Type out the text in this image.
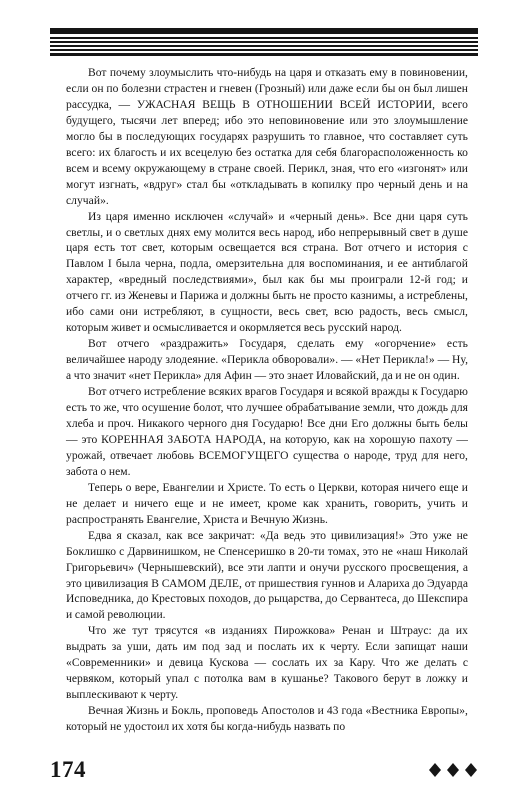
Вот почему злоумыслить что-нибудь на царя и отказать ему в повиновении, если он по болезни страстен и гневен (Грозный) или даже если бы он был лишен рассудка, — УЖАСНАЯ ВЕЩЬ В ОТНОШЕНИИ ВСЕЙ ИСТОРИИ, всего будущего, тысячи лет вперед; ибо это неповиновение или это злоумышление могло бы в последующих государях разрушить то главное, что составляет суть всего: их благость и их всецелую без остатка для себя благорасположенность ко всем и всему окружающему в стране своей. Перикл, зная, что его «изгонят» или могут изгнать, «вдруг» стал бы «откладывать в копилку про черный день и на случай».

Из царя именно исключен «случай» и «черный день». Все дни царя суть светлы, и о светлых днях ему молится весь народ, ибо непрерывный свет в душе царя есть тот свет, которым освещается вся страна. Вот отчего и история с Павлом I была черна, подла, омерзительна для воспоминания, и ее антиблагой характер, «вредный последствиями», был как бы мы проиграли 12-й год; и отчего гг. из Женевы и Парижа и должны быть не просто казнимы, а истреблены, ибо сами они истребляют, в сущности, весь свет, всю радость, весь смысл, которым живет и осмысливается и окормляется весь русский народ.

Вот отчего «раздражить» Государя, сделать ему «огорчение» есть величайшее народу злодеяние. «Перикла обворовали». — «Нет Перикла!» — Ну, а что значит «нет Перикла» для Афин — это знает Иловайский, да и не он один.

Вот отчего истребление всяких врагов Государя и всякой вражды к Государю есть то же, что осушение болот, что лучшее обрабатывание земли, что дождь для хлеба и проч. Никакого черного дня Государю! Все дни Его должны быть белы — это КОРЕННАЯ ЗАБОТА НАРОДА, на которую, как на хорошую пахоту — урожай, отвечает любовь ВСЕМОГУЩЕГО существа о народе, труд для него, забота о нем.

Теперь о вере, Евангелии и Христе. То есть о Церкви, которая ничего еще и не делает и ничего еще и не имеет, кроме как хранить, говорить, учить и распространять Евангелие, Христа и Вечную Жизнь.

Едва я сказал, как все закричат: «Да ведь это цивилизация!» Это уже не Боклишко с Дарвинишком, не Спенсеришко в 20-ти томах, это не «наш Николай Григорьевич» (Чернышевский), все эти лапти и онучи русского просвещения, а это цивилизация В САМОМ ДЕЛЕ, от пришествия гуннов и Алариха до Эдуарда Исповедника, до Крестовых походов, до рыцарства, до Сервантеса, до Шекспира и самой революции.

Что же тут трясутся «в изданиях Пирожкова» Ренан и Штраус: да их выдрать за уши, дать им под зад и послать их к черту. Если запищат наши «Современники» и девица Кускова — сослать их за Кару. Что же делать с червяком, который упал с потолка вам в кушанье? Такового берут в ложку и выплескивают к черту.

Вечная Жизнь и Бокль, проповедь Апостолов и 43 года «Вестника Европы», который не удостоил их хотя бы когда-нибудь назвать по

174
